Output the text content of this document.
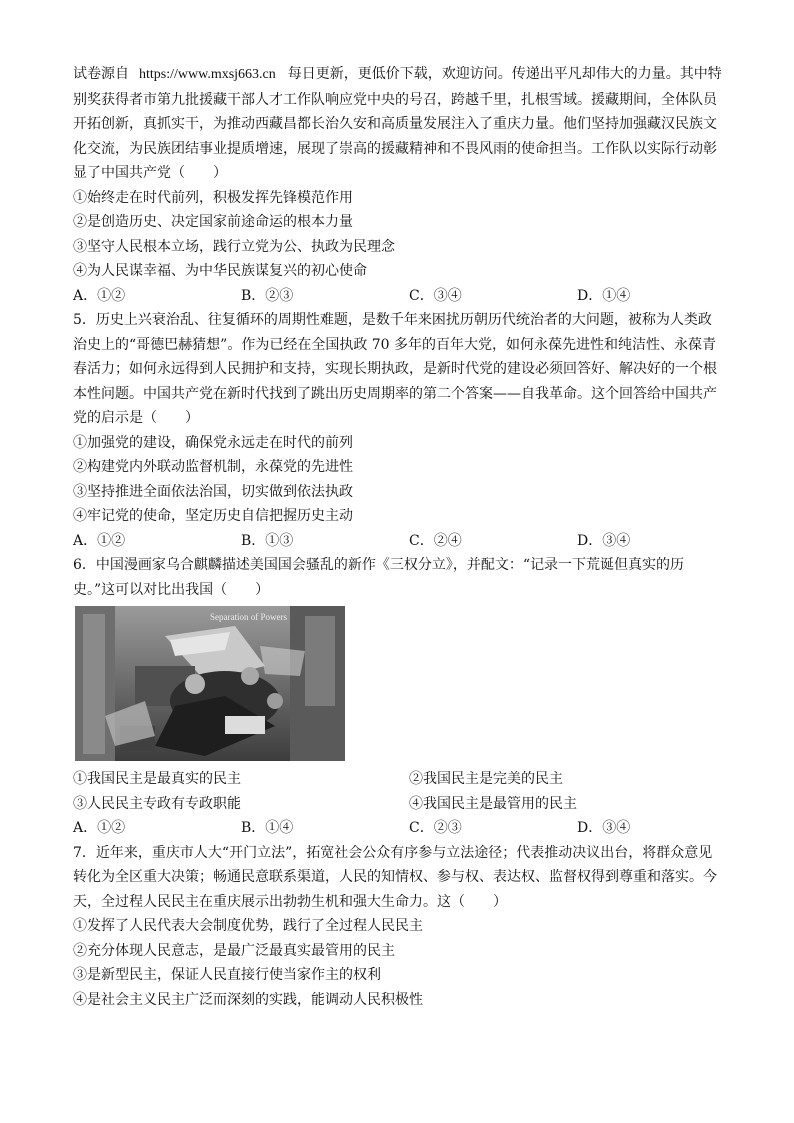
试卷源自 https://www.mxsj663.cn 每日更新，更低价下载，欢迎访问。传递出平凡却伟大的力量。其中特别奖获得者市第九批援藏干部人才工作队响应党中央的号召，跨越千里，扎根雪域。援藏期间，全体队员开拓创新，真抓实干，为推动西藏昌都长治久安和高质量发展注入了重庆力量。他们坚持加强藏汉民族文化交流，为民族团结事业提质增速，展现了崇高的援藏精神和不畏风雨的使命担当。工作队以实际行动彰显了中国共产党（　　）

①始终走在时代前列，积极发挥先锋模范作用

②是创造历史、决定国家前途命运的根本力量

③坚守人民根本立场，践行立党为公、执政为民理念

④为人民谋幸福、为中华民族谋复兴的初心使命

A．①②	B．②③	C．③④	D．①④

5．历史上兴衰治乱、往复循环的周期性难题，是数千年来困扰历朝历代统治者的大问题，被称为人类政治史上的“哥德巴赫猜想”。作为已经在全国执政 70 多年的百年大党，如何永葆先进性和纯洁性、永葆青春活力；如何永远得到人民拥护和支持，实现长期执政，是新时代党的建设必须回答好、解决好的一个根本性问题。中国共产党在新时代找到了跳出历史周期率的第二个答案——自我革命。这个回答给中国共产党的启示是（　　）

①加强党的建设，确保党永远走在时代的前列

②构建党内外联动监督机制，永葆党的先进性

③坚持推进全面依法治国，切实做到依法执政

④牢记党的使命，坚定历史自信把握历史主动

A．①②	B．①③	C．②④	D．③④

6．中国漫画家乌合麒麟描述美国国会骚乱的新作《三权分立》，并配文：“记录一下荒诞但真实的历史。”这可以对比出我国（　　）

Separation of Powers
①我国民主是最真实的民主	②我国民主是完美的民主
③人民民主专政有专政职能	④我国民主是最管用的民主
A．①②	B．①④	C．②③	D．③④

7．近年来，重庆市人大“开门立法”，拓宽社会公众有序参与立法途径；代表推动决议出台，将群众意见转化为全区重大决策；畅通民意联系渠道，人民的知情权、参与权、表达权、监督权得到尊重和落实。今天，全过程人民民主在重庆展示出勃勃生机和强大生命力。这（　　）

①发挥了人民代表大会制度优势，践行了全过程人民民主

②充分体现人民意志，是最广泛最真实最管用的民主

③是新型民主，保证人民直接行使当家作主的权利

④是社会主义民主广泛而深刻的实践，能调动人民积极性
